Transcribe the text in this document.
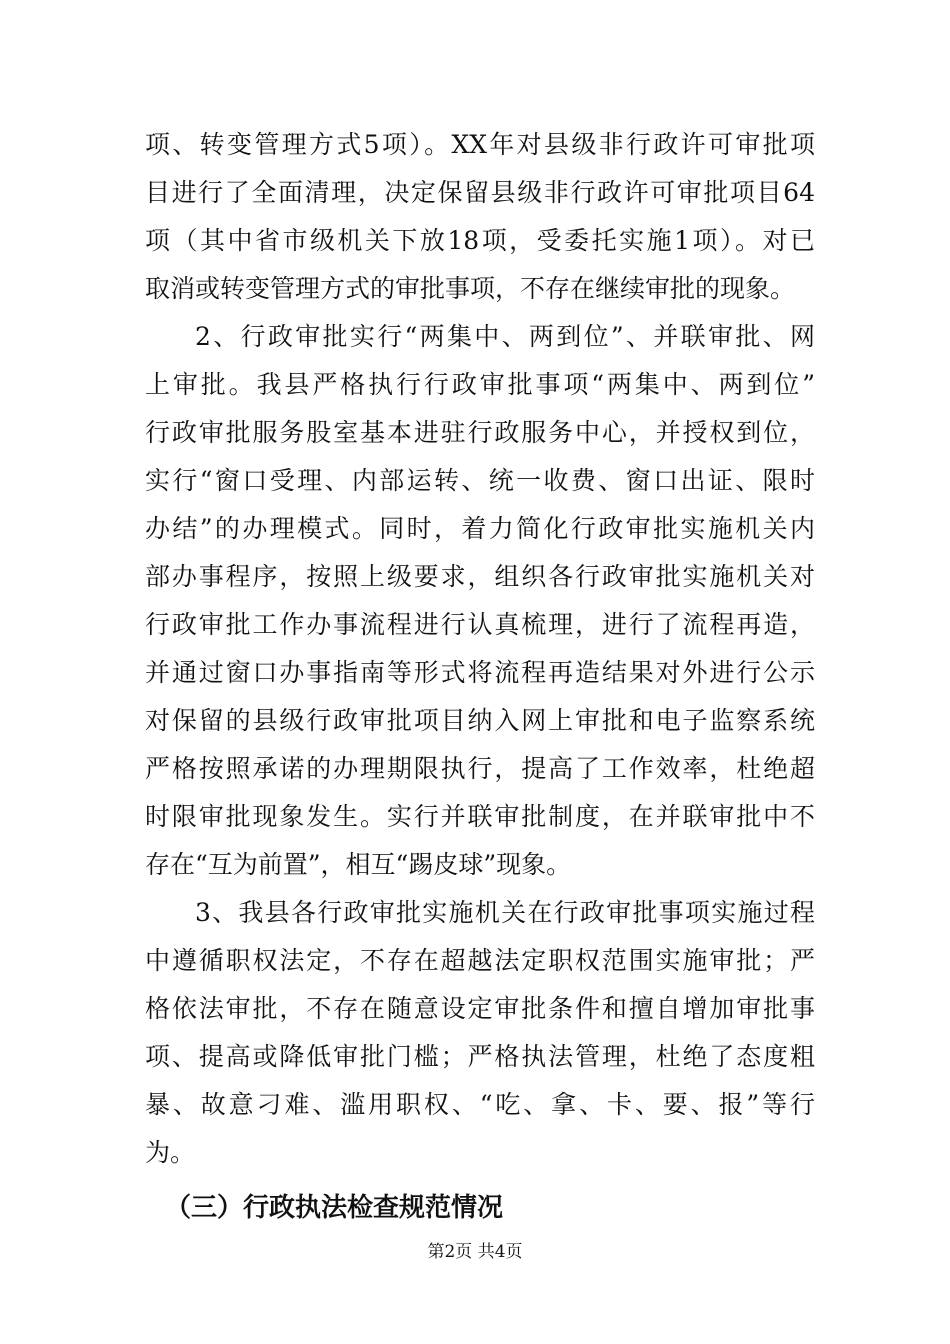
项、转变管理方式5项）。XX年对县级非行政许可审批项
目进行了全面清理，决定保留县级非行政许可审批项目64
项（其中省市级机关下放18项，受委托实施1项）。对已
取消或转变管理方式的审批事项，不存在继续审批的现象。
2、行政审批实行“两集中、两到位”、并联审批、网
上审批。我县严格执行行政审批事项“两集中、两到位”
行政审批服务股室基本进驻行政服务中心，并授权到位，
实行“窗口受理、内部运转、统一收费、窗口出证、限时
办结”的办理模式。同时，着力简化行政审批实施机关内
部办事程序，按照上级要求，组织各行政审批实施机关对
行政审批工作办事流程进行认真梳理，进行了流程再造，
并通过窗口办事指南等形式将流程再造结果对外进行公示
对保留的县级行政审批项目纳入网上审批和电子监察系统
严格按照承诺的办理期限执行，提高了工作效率，杜绝超
时限审批现象发生。实行并联审批制度，在并联审批中不
存在“互为前置”，相互“踢皮球”现象。
3、我县各行政审批实施机关在行政审批事项实施过程
中遵循职权法定，不存在超越法定职权范围实施审批；严
格依法审批，不存在随意设定审批条件和擅自增加审批事
项、提高或降低审批门槛；严格执法管理，杜绝了态度粗
暴、故意刁难、滥用职权、“吃、拿、卡、要、报”等行
（三）行政执法检查规范情况
第2页 共4页
为。
